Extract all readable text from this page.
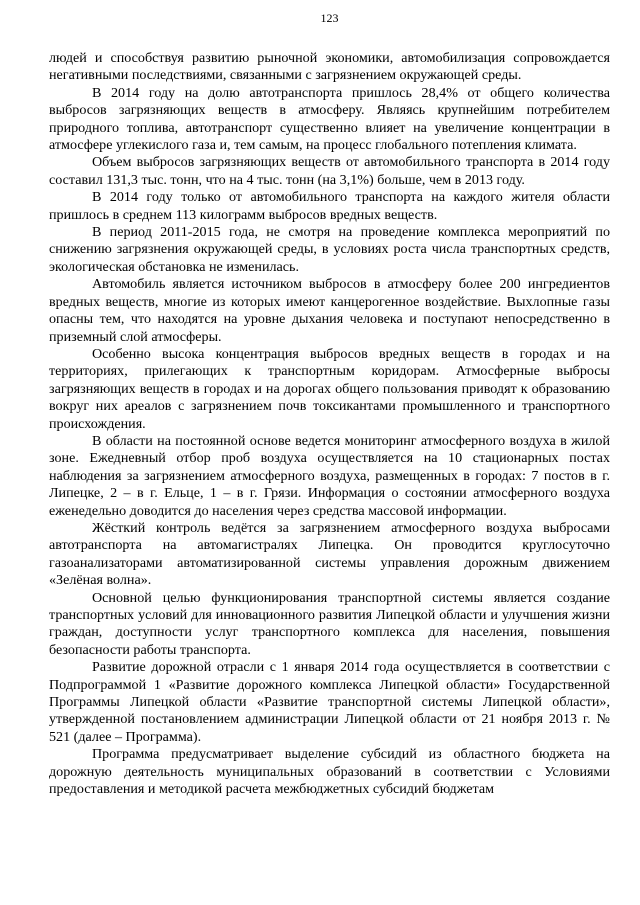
123

людей и способствуя развитию рыночной экономики, автомобилизация сопровождается негативными последствиями, связанными с загрязнением окружающей среды.

В 2014 году на долю автотранспорта пришлось 28,4% от общего количества выбросов загрязняющих веществ в атмосферу. Являясь крупнейшим потребителем природного топлива, автотранспорт существенно влияет на увеличение концентрации в атмосфере углекислого газа и, тем самым, на процесс глобального потепления климата.

Объем выбросов загрязняющих веществ от автомобильного транспорта в 2014 году составил 131,3 тыс. тонн, что на 4 тыс. тонн (на 3,1%) больше, чем в 2013 году.

В 2014 году только от автомобильного транспорта на каждого жителя области пришлось в среднем 113 килограмм выбросов вредных веществ.

В период 2011-2015 года, не смотря на проведение комплекса мероприятий по снижению загрязнения окружающей среды, в условиях роста числа транспортных средств, экологическая обстановка не изменилась.

Автомобиль является источником выбросов в атмосферу более 200 ингредиентов вредных веществ, многие из которых имеют канцерогенное воздействие. Выхлопные газы опасны тем, что находятся на уровне дыхания человека и поступают непосредственно в приземный слой атмосферы.

Особенно высока концентрация выбросов вредных веществ в городах и на территориях, прилегающих к транспортным коридорам. Атмосферные выбросы загрязняющих веществ в городах и на дорогах общего пользования приводят к образованию вокруг них ареалов с загрязнением почв токсикантами промышленного и транспортного происхождения.

В области на постоянной основе ведется мониторинг атмосферного воздуха в жилой зоне. Ежедневный отбор проб воздуха осуществляется на 10 стационарных постах наблюдения за загрязнением атмосферного воздуха, размещенных в городах: 7 постов в г. Липецке, 2 – в г. Ельце, 1 – в г. Грязи. Информация о состоянии атмосферного воздуха еженедельно доводится до населения через средства массовой информации.

Жёсткий контроль ведётся за загрязнением атмосферного воздуха выбросами автотранспорта на автомагистралях Липецка. Он проводится круглосуточно газоанализаторами автоматизированной системы управления дорожным движением «Зелёная волна».

Основной целью функционирования транспортной системы является создание транспортных условий для инновационного развития Липецкой области и улучшения жизни граждан, доступности услуг транспортного комплекса для населения, повышения безопасности работы транспорта.

Развитие дорожной отрасли с 1 января 2014 года осуществляется в соответствии с Подпрограммой 1 «Развитие дорожного комплекса Липецкой области» Государственной Программы Липецкой области «Развитие транспортной системы Липецкой области», утвержденной постановлением администрации Липецкой области от 21 ноября 2013 г. № 521 (далее – Программа).

Программа предусматривает выделение субсидий из областного бюджета на дорожную деятельность муниципальных образований в соответствии с Условиями предоставления и методикой расчета межбюджетных субсидий бюджетам
